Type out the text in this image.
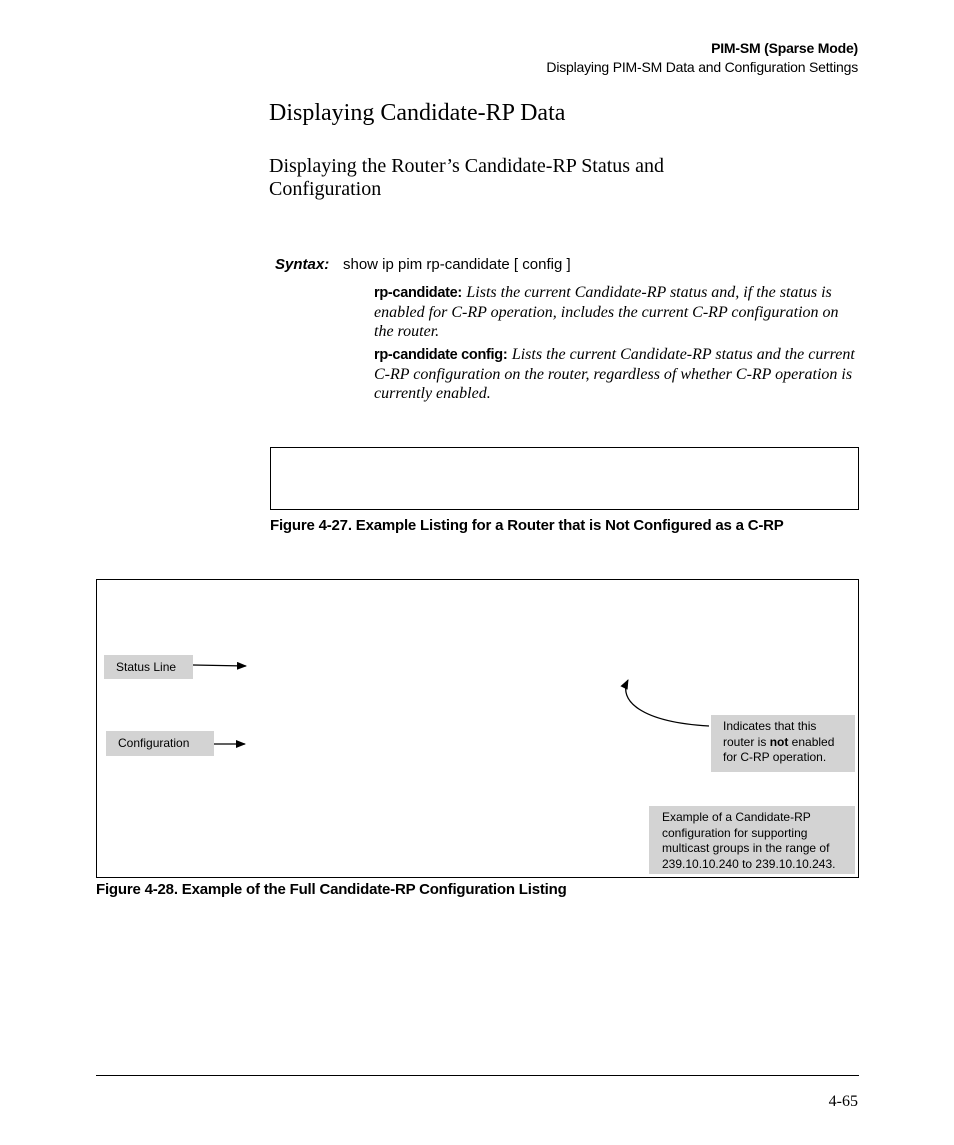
PIM-SM (Sparse Mode)
Displaying PIM-SM Data and Configuration Settings
Displaying Candidate-RP Data
Displaying the Router’s Candidate-RP Status and Configuration
Syntax: show ip pim rp-candidate [ config ]
rp-candidate: Lists the current Candidate-RP status and, if the status is enabled for C-RP operation, includes the current C-RP configuration on the router.
rp-candidate config: Lists the current Candidate-RP status and the current C-RP configuration on the router, regardless of whether C-RP operation is currently enabled.
Figure 4-27. Example Listing for a Router that is Not Configured as a C-RP
Status Line
Configuration
Indicates that this router is not enabled for C-RP operation.
Example of a Candidate-RP configuration for supporting multicast groups in the range of 239.10.10.240 to 239.10.10.243.
Figure 4-28. Example of the Full Candidate-RP Configuration Listing
4-65
